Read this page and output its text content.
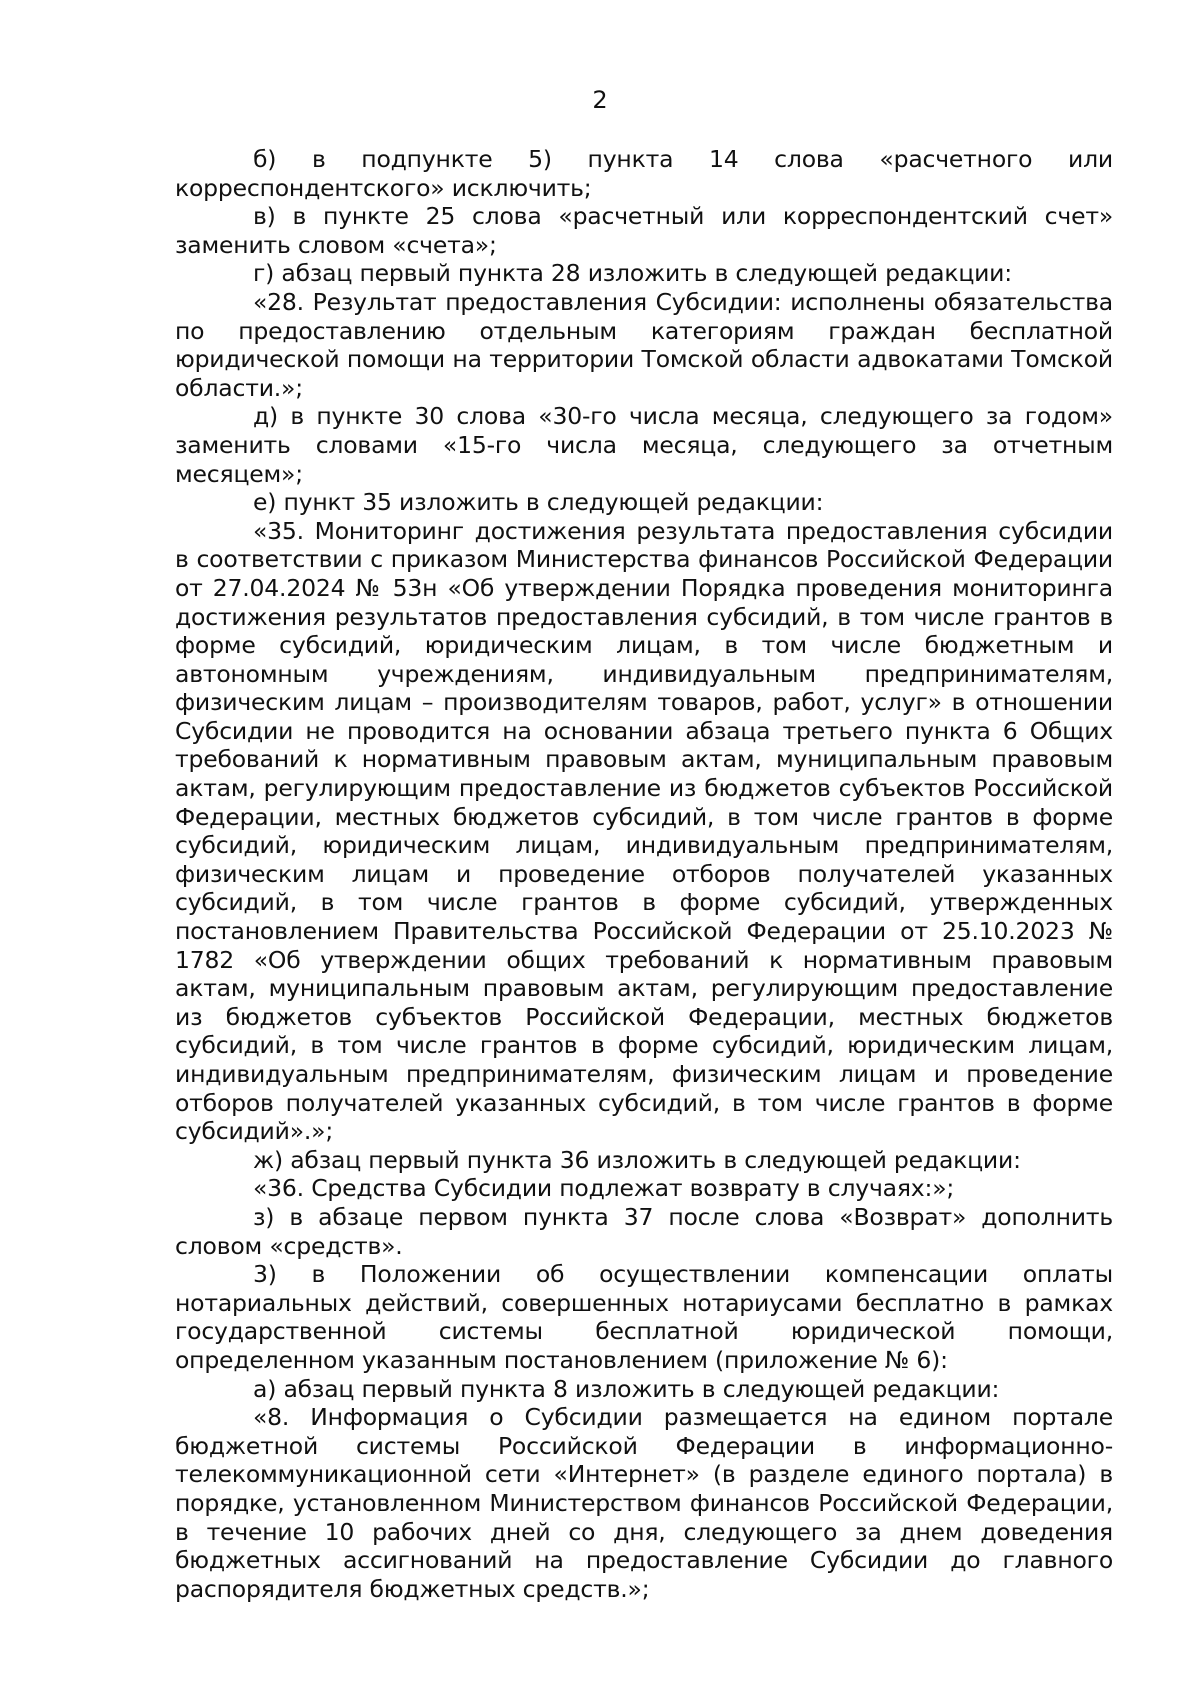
2

б) в подпункте 5) пункта 14 слова «расчетного или корреспондентского» исключить;

в) в пункте 25 слова «расчетный или корреспондентский счет» заменить словом «счета»;

г) абзац первый пункта 28 изложить в следующей редакции:

«28. Результат предоставления Субсидии: исполнены обязательства по предоставлению отдельным категориям граждан бесплатной юридической помощи на территории Томской области адвокатами Томской области.»;

д) в пункте 30 слова «30-го числа месяца, следующего за годом» заменить словами «15-го числа месяца, следующего за отчетным месяцем»;

е) пункт 35 изложить в следующей редакции:

«35. Мониторинг достижения результата предоставления субсидии в соответствии с приказом Министерства финансов Российской Федерации от 27.04.2024 № 53н «Об утверждении Порядка проведения мониторинга достижения результатов предоставления субсидий, в том числе грантов в форме субсидий, юридическим лицам, в том числе бюджетным и автономным учреждениям, индивидуальным предпринимателям, физическим лицам – производителям товаров, работ, услуг» в отношении Субсидии не проводится на основании абзаца третьего пункта 6 Общих требований к нормативным правовым актам, муниципальным правовым актам, регулирующим предоставление из бюджетов субъектов Российской Федерации, местных бюджетов субсидий, в том числе грантов в форме субсидий, юридическим лицам, индивидуальным предпринимателям, физическим лицам и проведение отборов получателей указанных субсидий, в том числе грантов в форме субсидий, утвержденных постановлением Правительства Российской Федерации от 25.10.2023 № 1782 «Об утверждении общих требований к нормативным правовым актам, муниципальным правовым актам, регулирующим предоставление из бюджетов субъектов Российской Федерации, местных бюджетов субсидий, в том числе грантов в форме субсидий, юридическим лицам, индивидуальным предпринимателям, физическим лицам и проведение отборов получателей указанных субсидий, в том числе грантов в форме субсидий».»;

ж) абзац первый пункта 36 изложить в следующей редакции:

«36. Средства Субсидии подлежат возврату в случаях:»;

з) в абзаце первом пункта 37 после слова «Возврат» дополнить словом «средств».

3) в Положении об осуществлении компенсации оплаты нотариальных действий, совершенных нотариусами бесплатно в рамках государственной системы бесплатной юридической помощи, определенном указанным постановлением (приложение № 6):

а) абзац первый пункта 8 изложить в следующей редакции:

«8. Информация о Субсидии размещается на едином портале бюджетной системы Российской Федерации в информационно-телекоммуникационной сети «Интернет» (в разделе единого портала) в порядке, установленном Министерством финансов Российской Федерации, в течение 10 рабочих дней со дня, следующего за днем доведения бюджетных ассигнований на предоставление Субсидии до главного распорядителя бюджетных средств.»;
